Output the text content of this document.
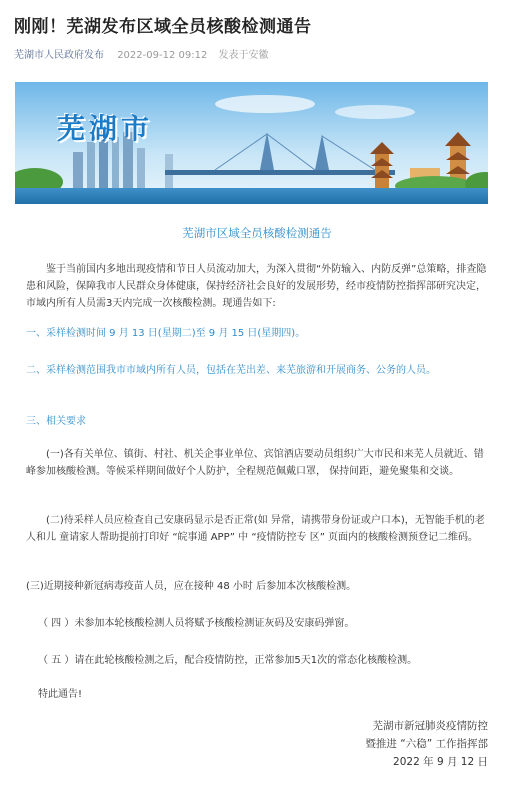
刚刚！芜湖发布区域全员核酸检测通告
芜湖市人民政府发布 2022-09-12 09:12 发表于安徽
芜湖市
芜湖市区域全员核酸检测通告
鉴于当前国内多地出现疫情和节日人员流动加大，为深入贯彻“外防输入、内防反弹”总策略，排查隐患和风险，保障我市人民群众身体健康，保持经济社会良好的发展形势，经市疫情防控指挥部研究决定，市域内所有人员需3天内完成一次核酸检测。现通告如下:
一、采样检测时间 9 月 13 日(星期二)至 9 月 15 日(星期四)。
二、采样检测范围我市市域内所有人员，包括在芜出差、来芜旅游和开展商务、公务的人员。
三、相关要求
(一)各有关单位、镇街、村社、机关企事业单位、宾馆酒店要动员组织广大市民和来芜人员就近、错峰参加核酸检测。等候采样期间做好个人防护，全程规范佩戴口罩， 保持间距，避免聚集和交谈。
(二)待采样人员应检查自己安康码显示是否正常(如 异常，请携带身份证或户口本)，无智能手机的老人和儿 童请家人帮助提前打印好 “皖事通 APP” 中 “疫情防控专 区” 页面内的核酸检测预登记二维码。
(三)近期接种新冠病毒疫苗人员，应在接种 48 小时 后参加本次核酸检测。
（ 四 ）未参加本轮核酸检测人员将赋予核酸检测证灰码及安康码弹窗。
（ 五 ）请在此轮核酸检测之后，配合疫情防控，正常参加5天1次的常态化核酸检测。
特此通告!
芜湖市新冠肺炎疫情防控
暨推进 “六稳” 工作指挥部
2022 年 9 月 12 日
